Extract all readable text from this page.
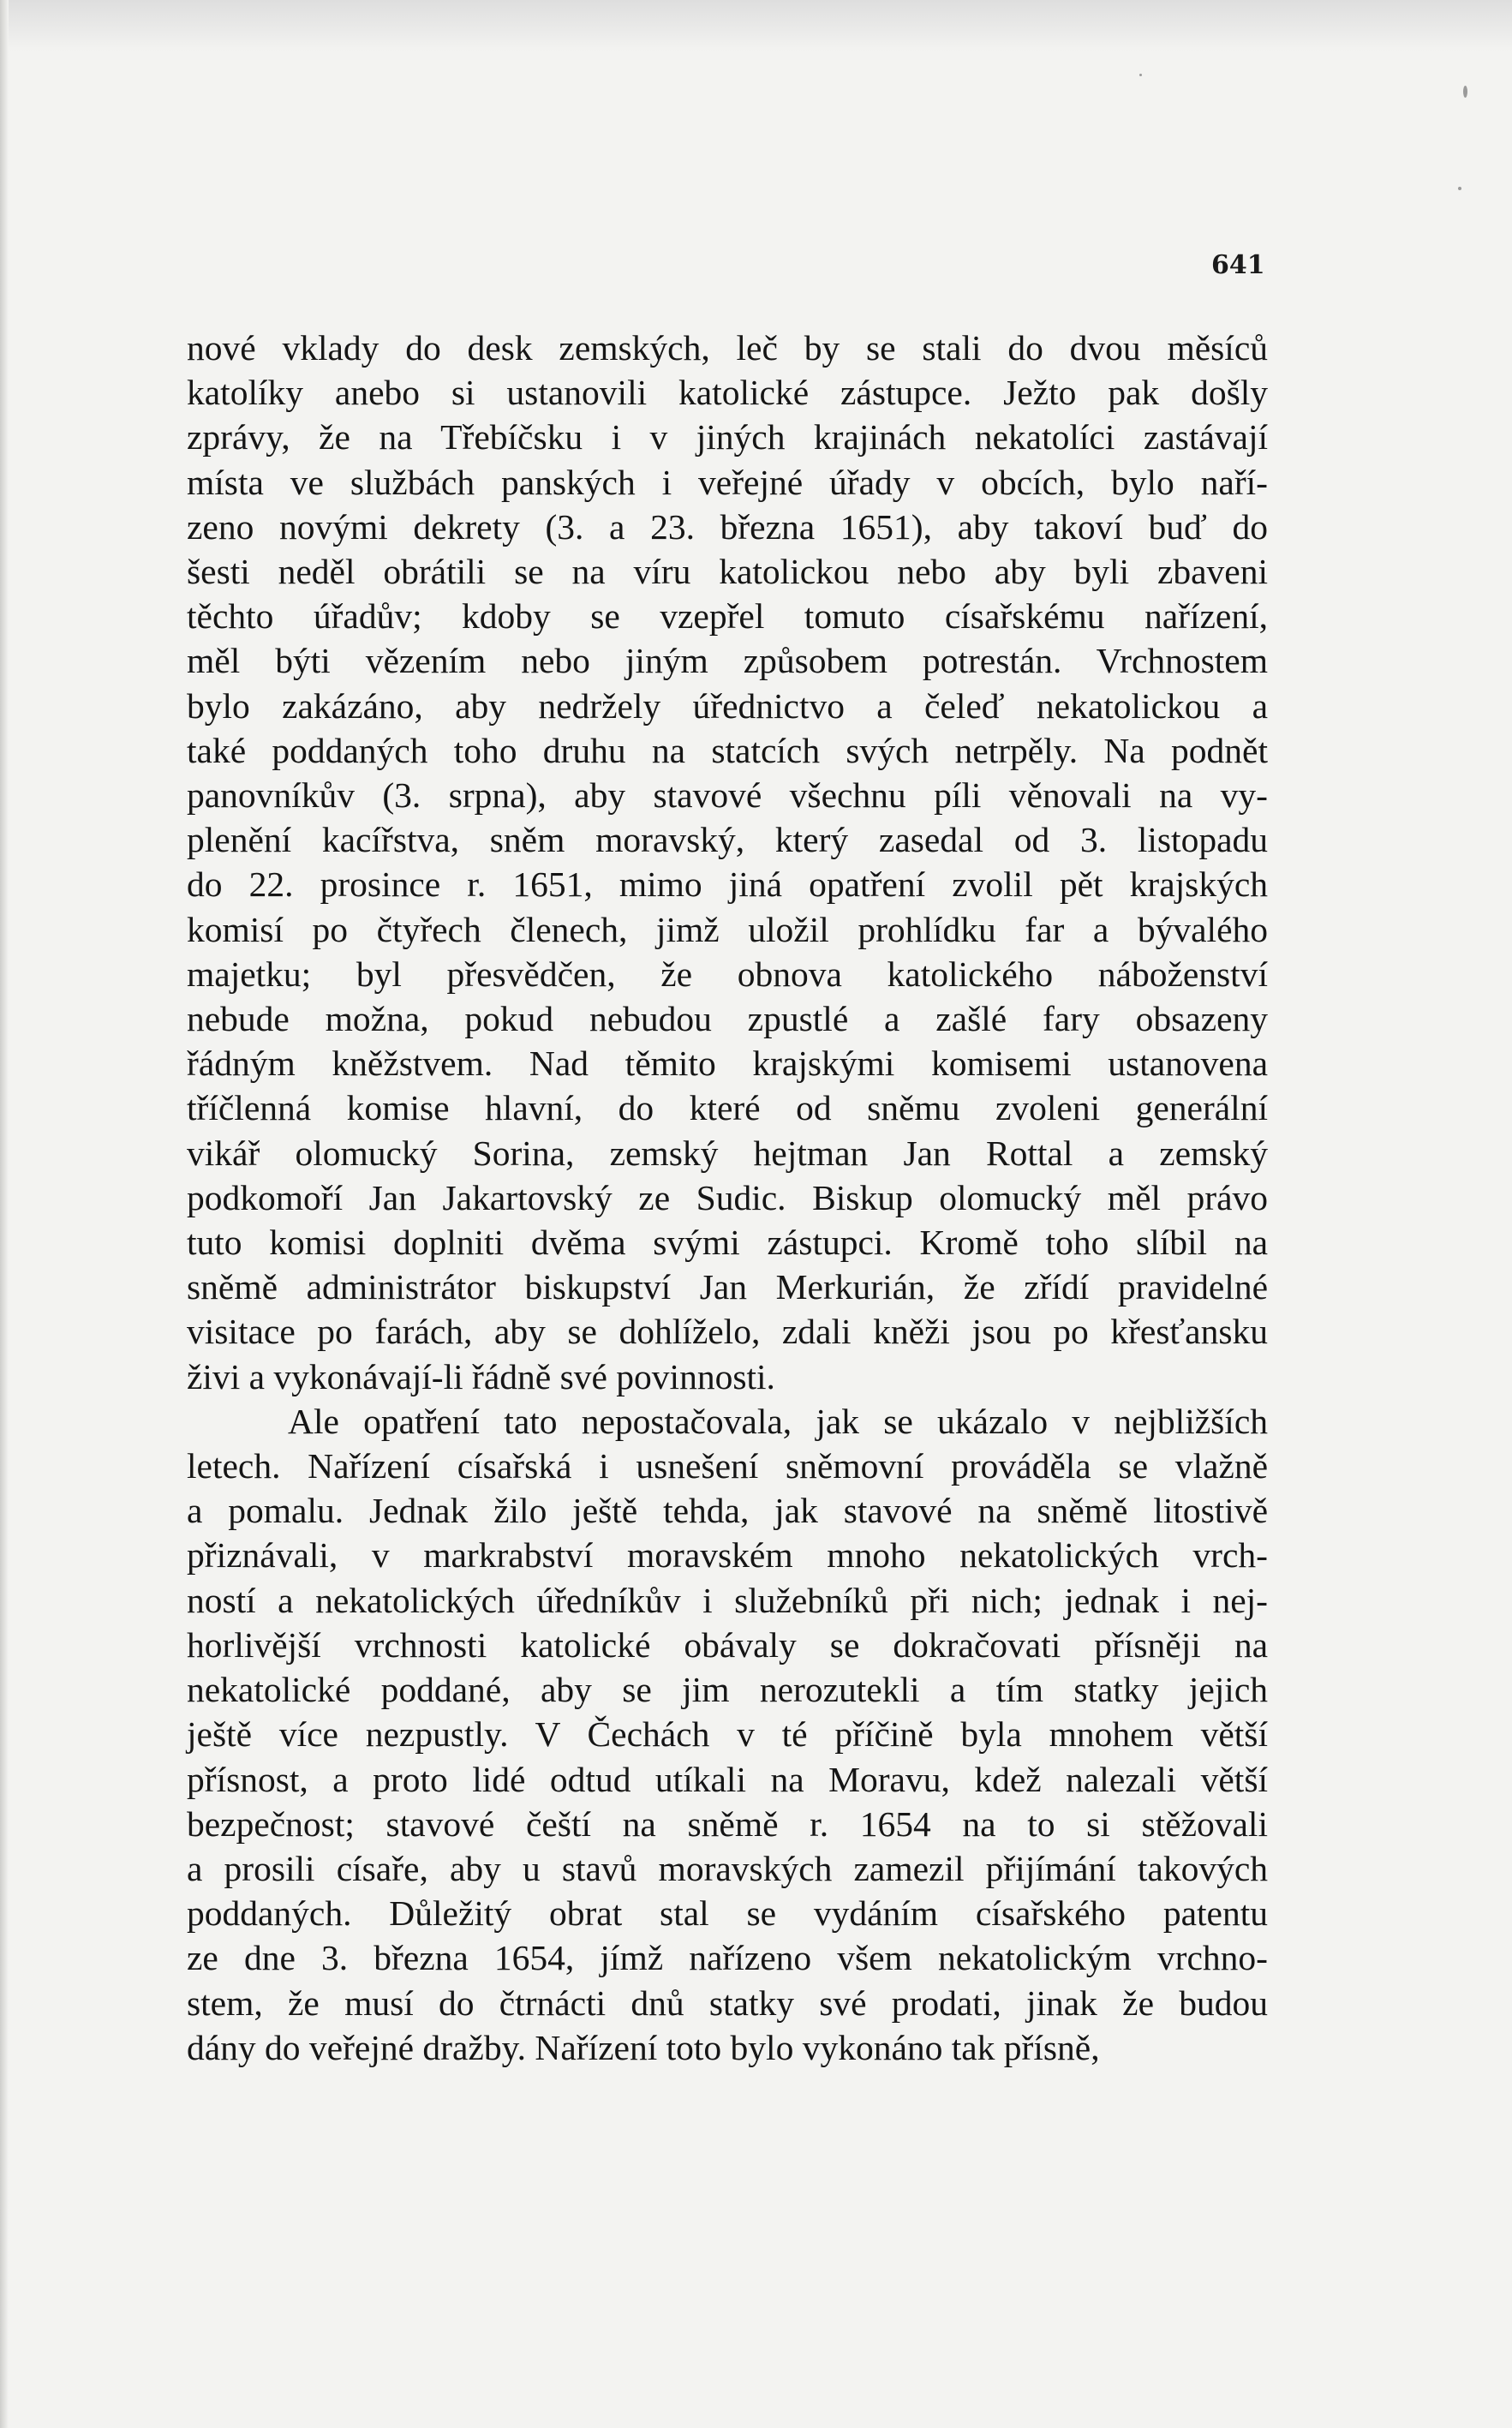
641
nové vklady do desk zemských, leč by se stali do dvou měsíců
katolíky anebo si ustanovili katolické zástupce. Ježto pak došly
zprávy, že na Třebíčsku i v jiných krajinách nekatolíci zastávají
místa ve službách panských i veřejné úřady v obcích, bylo naří-
zeno novými dekrety (3. a 23. března 1651), aby takoví buď do
šesti neděl obrátili se na víru katolickou nebo aby byli zbaveni
těchto úřadův; kdoby se vzepřel tomuto císařskému nařízení,
měl býti vězením nebo jiným způsobem potrestán. Vrchnostem
bylo zakázáno, aby nedržely úřednictvo a čeleď nekatolickou a
také poddaných toho druhu na statcích svých netrpěly. Na podnět
panovníkův (3. srpna), aby stavové všechnu píli věnovali na vy-
plenění kacířstva, sněm moravský, který zasedal od 3. listopadu
do 22. prosince r. 1651, mimo jiná opatření zvolil pět krajských
komisí po čtyřech členech, jimž uložil prohlídku far a bývalého
majetku; byl přesvědčen, že obnova katolického náboženství
nebude možna, pokud nebudou zpustlé a zašlé fary obsazeny
řádným kněžstvem. Nad těmito krajskými komisemi ustanovena
tříčlenná komise hlavní, do které od sněmu zvoleni generální
vikář olomucký Sorina, zemský hejtman Jan Rottal a zemský
podkomoří Jan Jakartovský ze Sudic. Biskup olomucký měl právo
tuto komisi doplniti dvěma svými zástupci. Kromě toho slíbil na
sněmě administrátor biskupství Jan Merkurián, že zřídí pravidelné
visitace po farách, aby se dohlíželo, zdali kněži jsou po křesťansku
živi a vykonávají-li řádně své povinnosti.
Ale opatření tato nepostačovala, jak se ukázalo v nejbližších
letech. Nařízení císařská i usnešení sněmovní prováděla se vlažně
a pomalu. Jednak žilo ještě tehda, jak stavové na sněmě litostivě
přiznávali, v markrabství moravském mnoho nekatolických vrch-
ností a nekatolických úředníkův i služebníků při nich; jednak i nej-
horlivější vrchnosti katolické obávaly se dokračovati přísněji na
nekatolické poddané, aby se jim nerozutekli a tím statky jejich
ještě více nezpustly. V Čechách v té příčině byla mnohem větší
přísnost, a proto lidé odtud utíkali na Moravu, kdež nalezali větší
bezpečnost; stavové čeští na sněmě r. 1654 na to si stěžovali
a prosili císaře, aby u stavů moravských zamezil přijímání takových
poddaných. Důležitý obrat stal se vydáním císařského patentu
ze dne 3. března 1654, jímž nařízeno všem nekatolickým vrchno-
stem, že musí do čtrnácti dnů statky své prodati, jinak že budou
dány do veřejné dražby. Nařízení toto bylo vykonáno tak přísně,
